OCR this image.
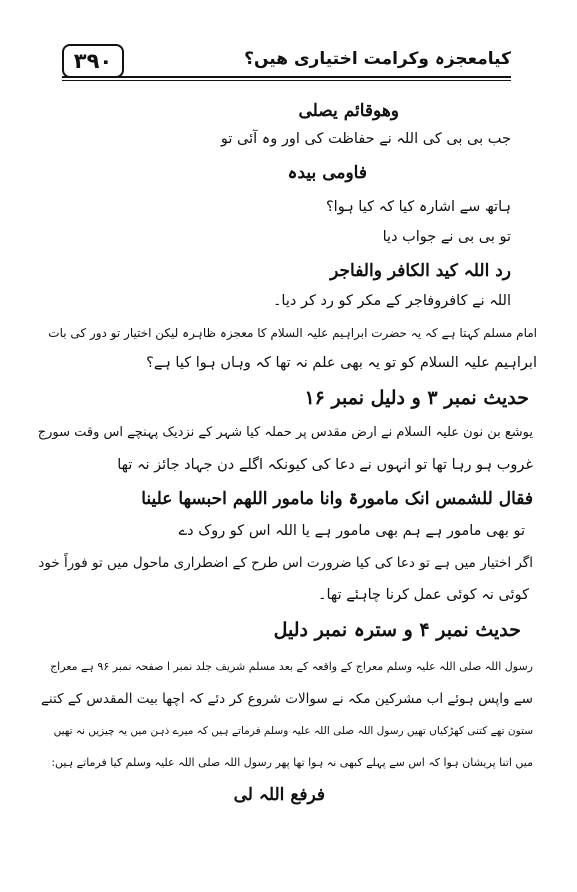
۳۹۰	کیامعجزہ وکرامت اختیاری ھیں؟
وھوقائم یصلی
جب بی بی کی اللہ نے حفاظت کی اور وہ آئی تو
فاومی بیدہ
ہاتھ سے اشارہ کیا کہ کیا ہوا؟
تو بی بی نے جواب دیا
رد اللہ کید الکافر والفاجر
اللہ نے کافروفاجر کے مکر کو رد کر دیا۔
امام مسلم کہتا ہے کہ یہ حضرت ابراہیم علیہ السلام کا معجزہ ظاہرہ لیکن اختیار تو دور کی بات
ابراہیم علیہ السلام کو تو یہ بھی علم نہ تھا کہ وہاں ہوا کیا ہے؟
حدیث نمبر ۳ و دلیل نمبر ۱۶
یوشع بن نون علیہ السلام نے ارض مقدس پر حملہ کیا شہر کے نزدیک پہنچے اس وقت سورج
غروب ہو رہا تھا تو انہوں نے دعا کی کیونکہ اگلے دن جہاد جائز نہ تھا
فقال للشمس انک مامورۃ وانا مامور اللھم احبسھا علینا
تو بھی مامور ہے ہم بھی مامور ہے یا اللہ اس کو روک دے
اگر اختیار میں ہے تو دعا کی کیا ضرورت اس طرح کے اضطراری ماحول میں تو فوراً خود
کوئی نہ کوئی عمل کرنا چاہئے تھا۔
حدیث نمبر ۴ و سترہ نمبر دلیل
رسول اللہ صلی اللہ علیہ وسلم معراج کے واقعہ کے بعد مسلم شریف جلد نمبر ا صفحہ نمبر ۹۶ ہے معراج
سے واپس ہوئے اب مشرکین مکہ نے سوالات شروع کر دئے کہ اچھا بیت المقدس کے کتنے
ستون تھے کتنی کھڑکیاں تھیں رسول اللہ صلی اللہ علیہ وسلم فرماتے ہیں کہ میرے ذہن میں یہ چیزیں نہ تھیں
میں اتنا پریشان ہوا کہ اس سے پہلے کبھی نہ ہوا تھا پھر رسول اللہ صلی اللہ علیہ وسلم کیا فرماتے ہیں:
فرفع اللہ لی
